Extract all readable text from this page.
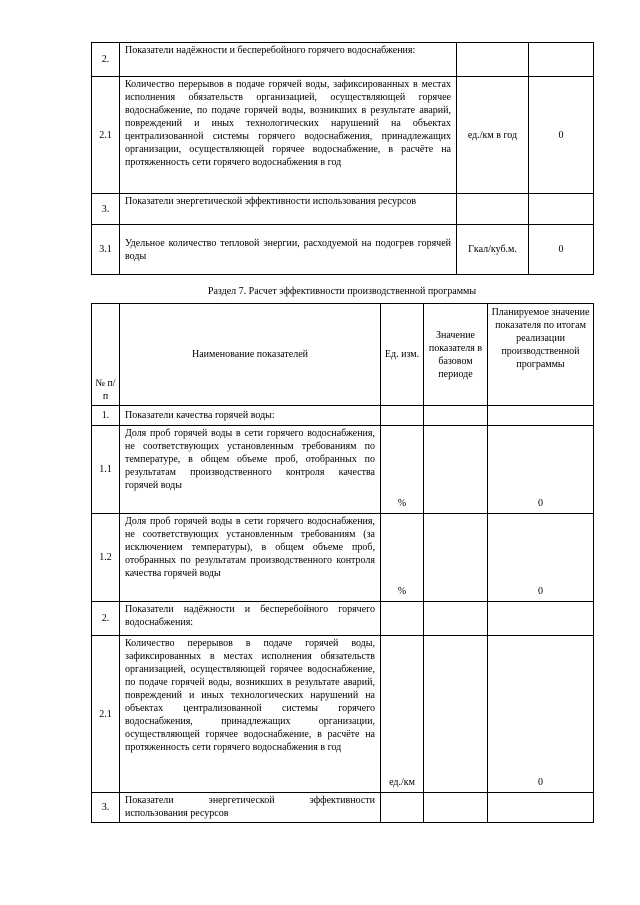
2.	Показатели надёжности и бесперебойного горячего водоснабжения:		
2.1	Количество перерывов в подаче горячей воды, зафиксированных в местах исполнения обязательств организацией, осуществляющей горячее водоснабжение, по подаче горячей воды, возникших в результате аварий, повреждений и иных технологических нарушений на объектах централизованной системы горячего водоснабжения, принадлежащих организации, осуществляющей горячее водоснабжение, в расчёте на протяженность сети горячего водоснабжения в год	ед./км в год	0
3.	Показатели энергетической эффективности использования ресурсов		
3.1	Удельное количество тепловой энергии, расходуемой на подогрев горячей воды	Гкал/куб.м.	0
Раздел 7. Расчет эффективности производственной программы
№ п/п	Наименование показателей	Ед. изм.	Значение показателя в базовом периоде	Планируемое значение показателя по итогам реализации производственной программы
1.	Показатели качества горячей воды:			
1.1	Доля проб горячей воды в сети горячего водоснабжения, не соответствующих установленным требованиям по температуре, в общем объеме проб, отобранных по результатам производственного контроля качества горячей воды	%		0
1.2	Доля проб горячей воды в сети горячего водоснабжения, не соответствующих установленным требованиям (за исключением температуры), в общем объеме проб, отобранных по результатам производственного контроля качества горячей воды	%		0
2.	Показатели надёжности и бесперебойного горячего водоснабжения:			
2.1	Количество перерывов в подаче горячей воды, зафиксированных в местах исполнения обязательств организацией, осуществляющей горячее водоснабжение, по подаче горячей воды, возникших в результате аварий, повреждений и иных технологических нарушений на объектах централизованной системы горячего водоснабжения, принадлежащих организации, осуществляющей горячее водоснабжение, в расчёте на протяженность сети горячего водоснабжения в год	ед./км		0
3.	Показатели энергетической эффективности использования ресурсов			
